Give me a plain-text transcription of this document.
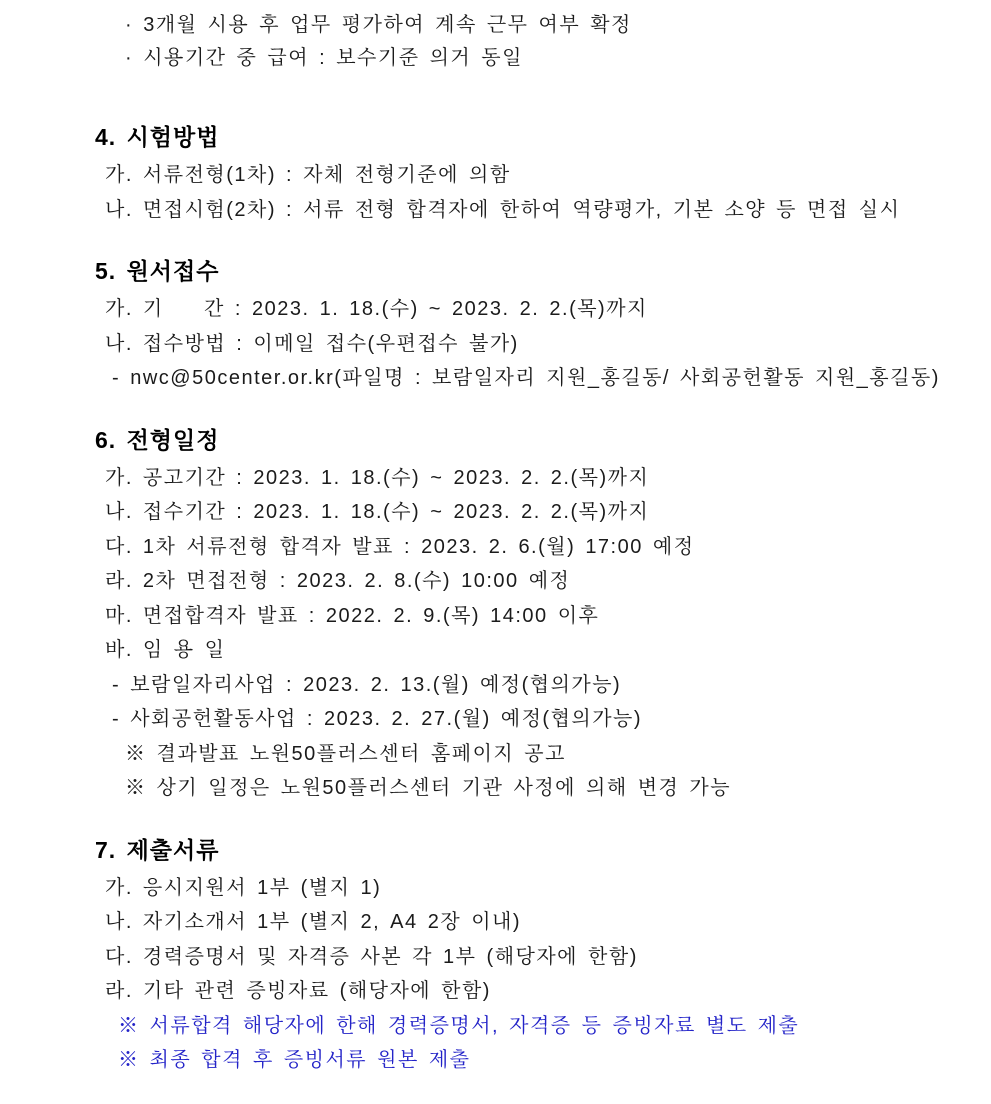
· 3개월 시용 후 업무 평가하여 계속 근무 여부 확정
· 시용기간 중 급여 : 보수기준 의거 동일
4. 시험방법
가. 서류전형(1차) : 자체 전형기준에 의함
나. 면접시험(2차) : 서류 전형 합격자에 한하여 역량평가, 기본 소양 등 면접 실시
5. 원서접수
가. 기    간 : 2023. 1. 18.(수) ~ 2023. 2. 2.(목)까지
나. 접수방법 : 이메일 접수(우편접수 불가)
- nwc@50center.or.kr(파일명 : 보람일자리 지원_홍길동/ 사회공헌활동 지원_홍길동)
6. 전형일정
가. 공고기간 : 2023. 1. 18.(수) ~ 2023. 2. 2.(목)까지
나. 접수기간 : 2023. 1. 18.(수) ~ 2023. 2. 2.(목)까지
다. 1차 서류전형 합격자 발표 : 2023. 2. 6.(월) 17:00 예정
라. 2차 면접전형 : 2023. 2. 8.(수) 10:00 예정
마. 면접합격자 발표 : 2022. 2. 9.(목) 14:00 이후
바. 임 용 일
- 보람일자리사업 : 2023. 2. 13.(월) 예정(협의가능)
- 사회공헌활동사업 : 2023. 2. 27.(월) 예정(협의가능)
※ 결과발표 노원50플러스센터 홈페이지 공고
※ 상기 일정은 노원50플러스센터 기관 사정에 의해 변경 가능
7. 제출서류
가. 응시지원서 1부 (별지 1)
나. 자기소개서 1부 (별지 2, A4 2장 이내)
다. 경력증명서 및 자격증 사본 각 1부 (해당자에 한함)
라. 기타 관련 증빙자료 (해당자에 한함)
※ 서류합격 해당자에 한해 경력증명서, 자격증 등 증빙자료 별도 제출
※ 최종 합격 후 증빙서류 원본 제출
